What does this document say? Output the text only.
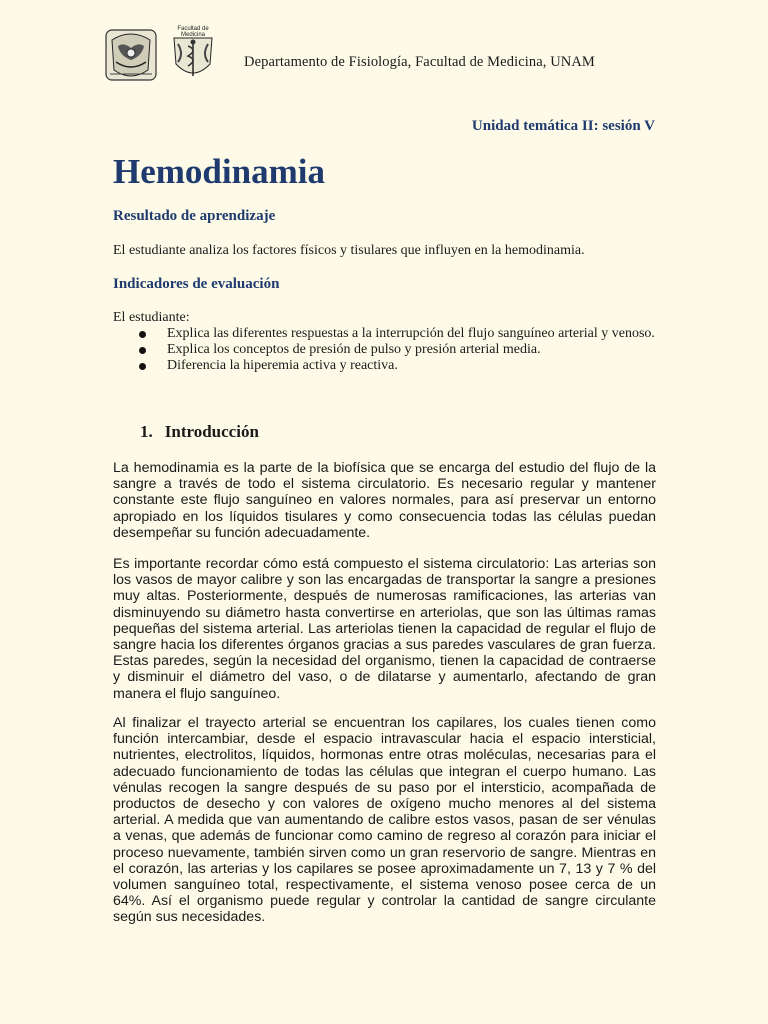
Facultad de Medicina
Departamento de Fisiología, Facultad de Medicina, UNAM
Unidad temática II: sesión V
Hemodinamia
Resultado de aprendizaje

El estudiante analiza los factores físicos y tisulares que influyen en la hemodinamia.

Indicadores de evaluación

El estudiante:

Explica las diferentes respuestas a la interrupción del flujo sanguíneo arterial y venoso.
Explica los conceptos de presión de pulso y presión arterial media.
Diferencia la hiperemia activa y reactiva.
1. Introducción

La hemodinamia es la parte de la biofísica que se encarga del estudio del flujo de la sangre a través de todo el sistema circulatorio. Es necesario regular y mantener constante este flujo sanguíneo en valores normales, para así preservar un entorno apropiado en los líquidos tisulares y como consecuencia todas las células puedan desempeñar su función adecuadamente.

Es importante recordar cómo está compuesto el sistema circulatorio: Las arterias son los vasos de mayor calibre y son las encargadas de transportar la sangre a presiones muy altas. Posteriormente, después de numerosas ramificaciones, las arterias van disminuyendo su diámetro hasta convertirse en arteriolas, que son las últimas ramas pequeñas del sistema arterial. Las arteriolas tienen la capacidad de regular el flujo de sangre hacia los diferentes órganos gracias a sus paredes vasculares de gran fuerza. Estas paredes, según la necesidad del organismo, tienen la capacidad de contraerse y disminuir el diámetro del vaso, o de dilatarse y aumentarlo, afectando de gran manera el flujo sanguíneo.

Al finalizar el trayecto arterial se encuentran los capilares, los cuales tienen como función intercambiar, desde el espacio intravascular hacia el espacio intersticial, nutrientes, electrolitos, líquidos, hormonas entre otras moléculas, necesarias para el adecuado funcionamiento de todas las células que integran el cuerpo humano. Las vénulas recogen la sangre después de su paso por el intersticio, acompañada de productos de desecho y con valores de oxígeno mucho menores al del sistema arterial. A medida que van aumentando de calibre estos vasos, pasan de ser vénulas a venas, que además de funcionar como camino de regreso al corazón para iniciar el proceso nuevamente, también sirven como un gran reservorio de sangre. Mientras en el corazón, las arterias y los capilares se posee aproximadamente un 7, 13 y 7 % del volumen sanguíneo total, respectivamente, el sistema venoso posee cerca de un 64%. Así el organismo puede regular y controlar la cantidad de sangre circulante según sus necesidades.
